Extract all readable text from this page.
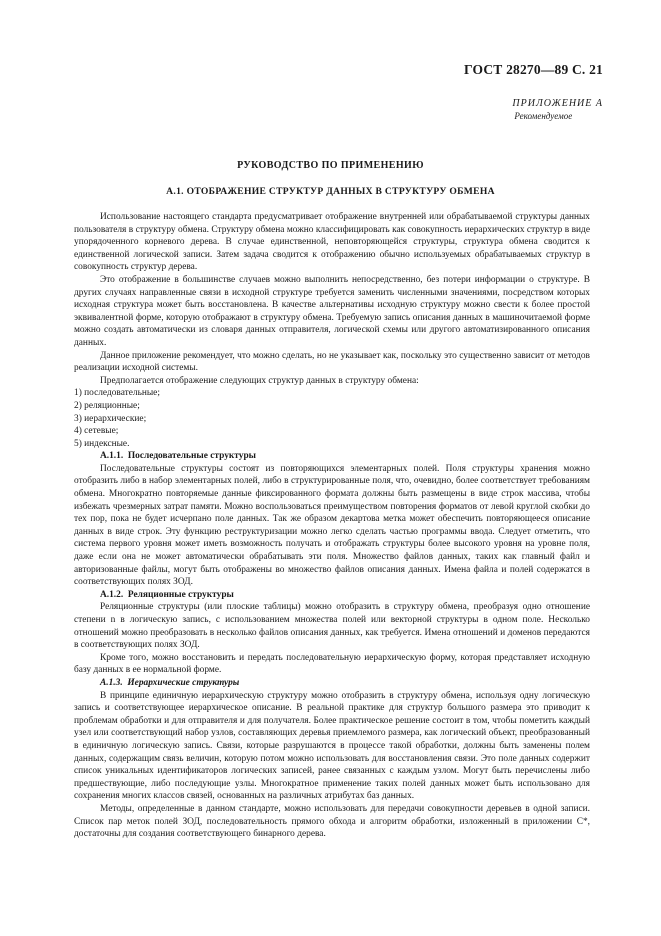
ГОСТ 28270—89 С. 21
ПРИЛОЖЕНИЕ А
Рекомендуемое
РУКОВОДСТВО ПО ПРИМЕНЕНИЮ
А.1. ОТОБРАЖЕНИЕ СТРУКТУР ДАННЫХ В СТРУКТУРУ ОБМЕНА

Использование настоящего стандарта предусматривает отображение внутренней или обрабатываемой структуры данных пользователя в структуру обмена. Структуру обмена можно классифицировать как совокупность иерархических структур в виде упорядоченного корневого дерева. В случае единственной, неповторяющейся структуры, структура обмена сводится к единственной логической записи. Затем задача сводится к отображению обычно используемых обрабатываемых структур в совокупность структур дерева.

Это отображение в большинстве случаев можно выполнить непосредственно, без потери информации о структуре. В других случаях направленные связи в исходной структуре требуется заменить численными значениями, посредством которых исходная структура может быть восстановлена. В качестве альтернативы исходную структуру можно свести к более простой эквивалентной форме, которую отображают в структуру обмена. Требуемую запись описания данных в машиночитаемой форме можно создать автоматически из словаря данных отправителя, логической схемы или другого автоматизированного описания данных.

Данное приложение рекомендует, что можно сделать, но не указывает как, поскольку это существенно зависит от методов реализации исходной системы.

Предполагается отображение следующих структур данных в структуру обмена:

1) последовательные;
2) реляционные;
3) иерархические;
4) сетевые;
5) индексные.

А.1.1. Последовательные структуры

Последовательные структуры состоят из повторяющихся элементарных полей. Поля структуры хранения можно отобразить либо в набор элементарных полей, либо в структурированные поля, что, очевидно, более соответствует требованиям обмена. Многократно повторяемые данные фиксированного формата должны быть размещены в виде строк массива, чтобы избежать чрезмерных затрат памяти. Можно воспользоваться преимуществом повторения форматов от левой круглой скобки до тех пор, пока не будет исчерпано поле данных. Так же образом декартова метка может обеспечить повторяющееся описание данных в виде строк. Эту функцию реструктуризации можно легко сделать частью программы ввода. Следует отметить, что система первого уровня может иметь возможность получать и отображать структуры более высокого уровня на уровне поля, даже если она не может автоматически обрабатывать эти поля. Множество файлов данных, таких как главный файл и авторизованные файлы, могут быть отображены во множество файлов описания данных. Имена файла и полей содержатся в соответствующих полях ЗОД.

А.1.2. Реляционные структуры

Реляционные структуры (или плоские таблицы) можно отобразить в структуру обмена, преобразуя одно отношение степени n в логическую запись, с использованием множества полей или векторной структуры в одном поле. Несколько отношений можно преобразовать в несколько файлов описания данных, как требуется. Имена отношений и доменов передаются в соответствующих полях ЗОД.

Кроме того, можно восстановить и передать последовательную иерархическую форму, которая представляет исходную базу данных в ее нормальной форме.

А.1.3. Иерархические структуры

В принципе единичную иерархическую структуру можно отобразить в структуру обмена, используя одну логическую запись и соответствующее иерархическое описание. В реальной практике для структур большого размера это приводит к проблемам обработки и для отправителя и для получателя. Более практическое решение состоит в том, чтобы пометить каждый узел или соответствующий набор узлов, составляющих деревья приемлемого размера, как логический объект, преобразованный в единичную логическую запись. Связи, которые разрушаются в процессе такой обработки, должны быть заменены полем данных, содержащим связь величин, которую потом можно использовать для восстановления связи. Это поле данных содержит список уникальных идентификаторов логических записей, ранее связанных с каждым узлом. Могут быть перечислены либо предшествующие, либо последующие узлы. Многократное применение таких полей данных может быть использовано для сохранения многих классов связей, основанных на различных атрибутах баз данных.

Методы, определенные в данном стандарте, можно использовать для передачи совокупности деревьев в одной записи. Список пар меток полей ЗОД, последовательность прямого обхода и алгоритм обработки, изложенный в приложении С*, достаточны для создания соответствующего бинарного дерева.
